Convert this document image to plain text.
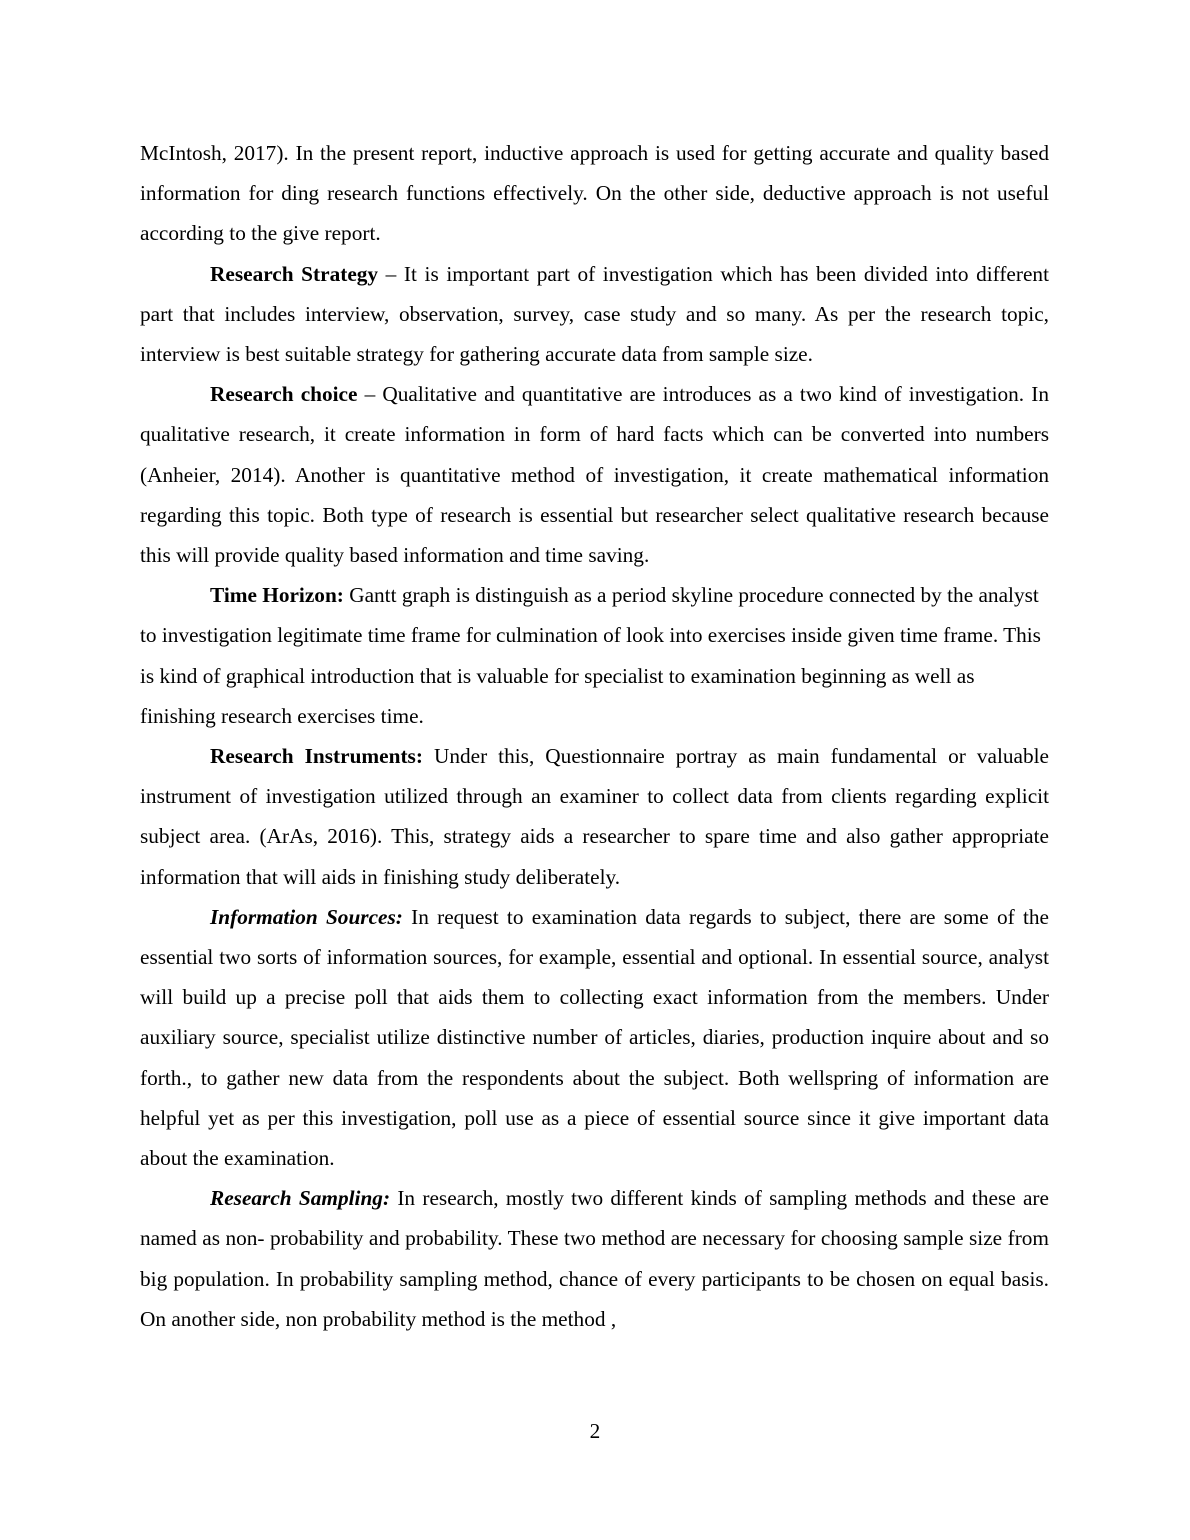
McIntosh, 2017). In the present report, inductive approach is used for getting accurate and quality based information for ding research functions effectively. On the other side, deductive approach is not useful according to the give report.

Research Strategy – It is important part of investigation which has been divided into different part that includes interview, observation, survey, case study and so many. As per the research topic, interview is best suitable strategy for gathering accurate data from sample size.

Research choice – Qualitative and quantitative are introduces as a two kind of investigation. In qualitative research, it create information in form of hard facts which can be converted into numbers (Anheier, 2014). Another is quantitative method of investigation, it create mathematical information regarding this topic. Both type of research is essential but researcher select qualitative research because this will provide quality based information and time saving.

Time Horizon: Gantt graph is distinguish as a period skyline procedure connected by the analyst to investigation legitimate time frame for culmination of look into exercises inside given time frame. This is kind of graphical introduction that is valuable for specialist to examination beginning as well as finishing research exercises time.

Research Instruments: Under this, Questionnaire portray as main fundamental or valuable instrument of investigation utilized through an examiner to collect data from clients regarding explicit subject area. (ArAs, 2016). This, strategy aids a researcher to spare time and also gather appropriate information that will aids in finishing study deliberately.

Information Sources: In request to examination data regards to subject, there are some of the essential two sorts of information sources, for example, essential and optional. In essential source, analyst will build up a precise poll that aids them to collecting exact information from the members. Under auxiliary source, specialist utilize distinctive number of articles, diaries, production inquire about and so forth., to gather new data from the respondents about the subject. Both wellspring of information are helpful yet as per this investigation, poll use as a piece of essential source since it give important data about the examination.

Research Sampling: In research, mostly two different kinds of sampling methods and these are named as non- probability and probability. These two method are necessary for choosing sample size from big population. In probability sampling method, chance of every participants to be chosen on equal basis. On another side, non probability method is the method ,

2
